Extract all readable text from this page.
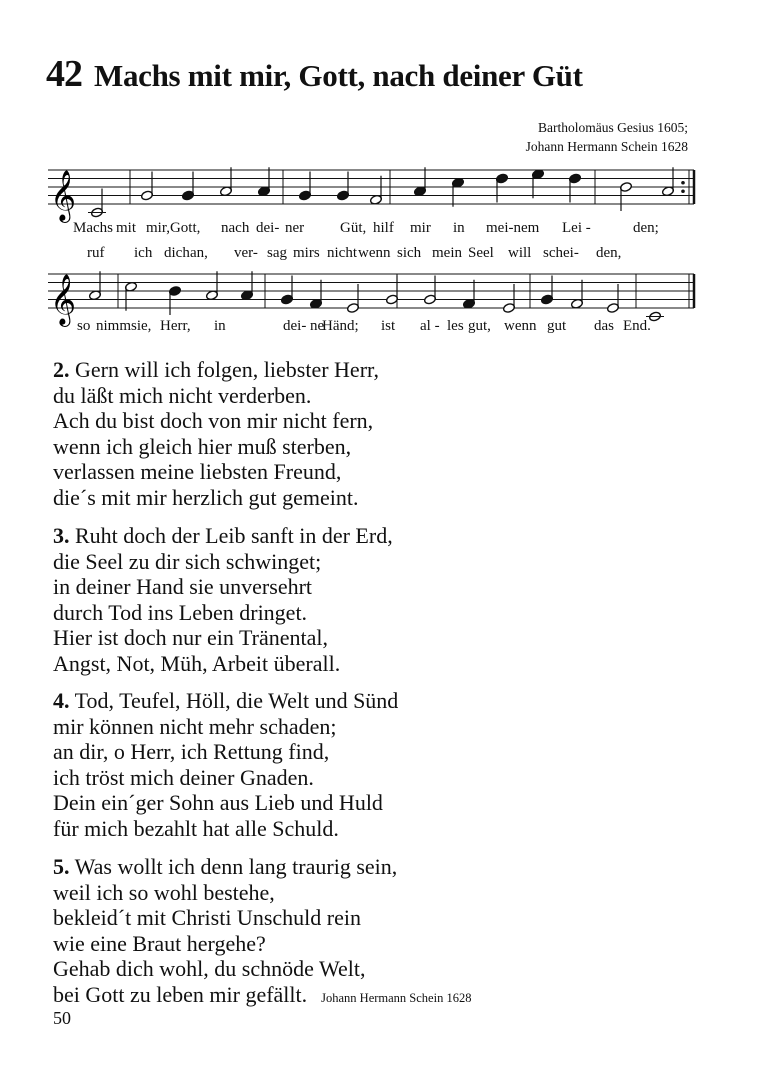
42 Machs mit mir, Gott, nach deiner Güt
Bartholomäus Gesius 1605;
Johann Hermann Schein 1628
𝄞
Machs mit mir,Gott, nach dei- ner Güt, hilf mir in mei-nem Lei -	den;
ruf ich dich an, ver- sag mirs nicht wenn sich mein Seel will schei- den,
𝄞
so nimm sie, Herr, in	dei- ne
Händ; ist al - les gut, wenn gut das End.
2. Gern will ich folgen, liebster Herr,
du läßt mich nicht verderben.
Ach du bist doch von mir nicht fern,
wenn ich gleich hier muß sterben,
verlassen meine liebsten Freund,
die´s mit mir herzlich gut gemeint.
3. Ruht doch der Leib sanft in der Erd,
die Seel zu dir sich schwinget;
in deiner Hand sie unversehrt
durch Tod ins Leben dringet.
Hier ist doch nur ein Tränental,
Angst, Not, Müh, Arbeit überall.
4. Tod, Teufel, Höll, die Welt und Sünd
mir können nicht mehr schaden;
an dir, o Herr, ich Rettung find,
ich tröst mich deiner Gnaden.
Dein ein´ger Sohn aus Lieb und Huld
für mich bezahlt hat alle Schuld.
5. Was wollt ich denn lang traurig sein,
weil ich so wohl bestehe,
bekleid´t mit Christi Unschuld rein
wie eine Braut hergehe?
Gehab dich wohl, du schnöde Welt,
bei Gott zu leben mir gefällt. Johann Hermann Schein 1628
50
